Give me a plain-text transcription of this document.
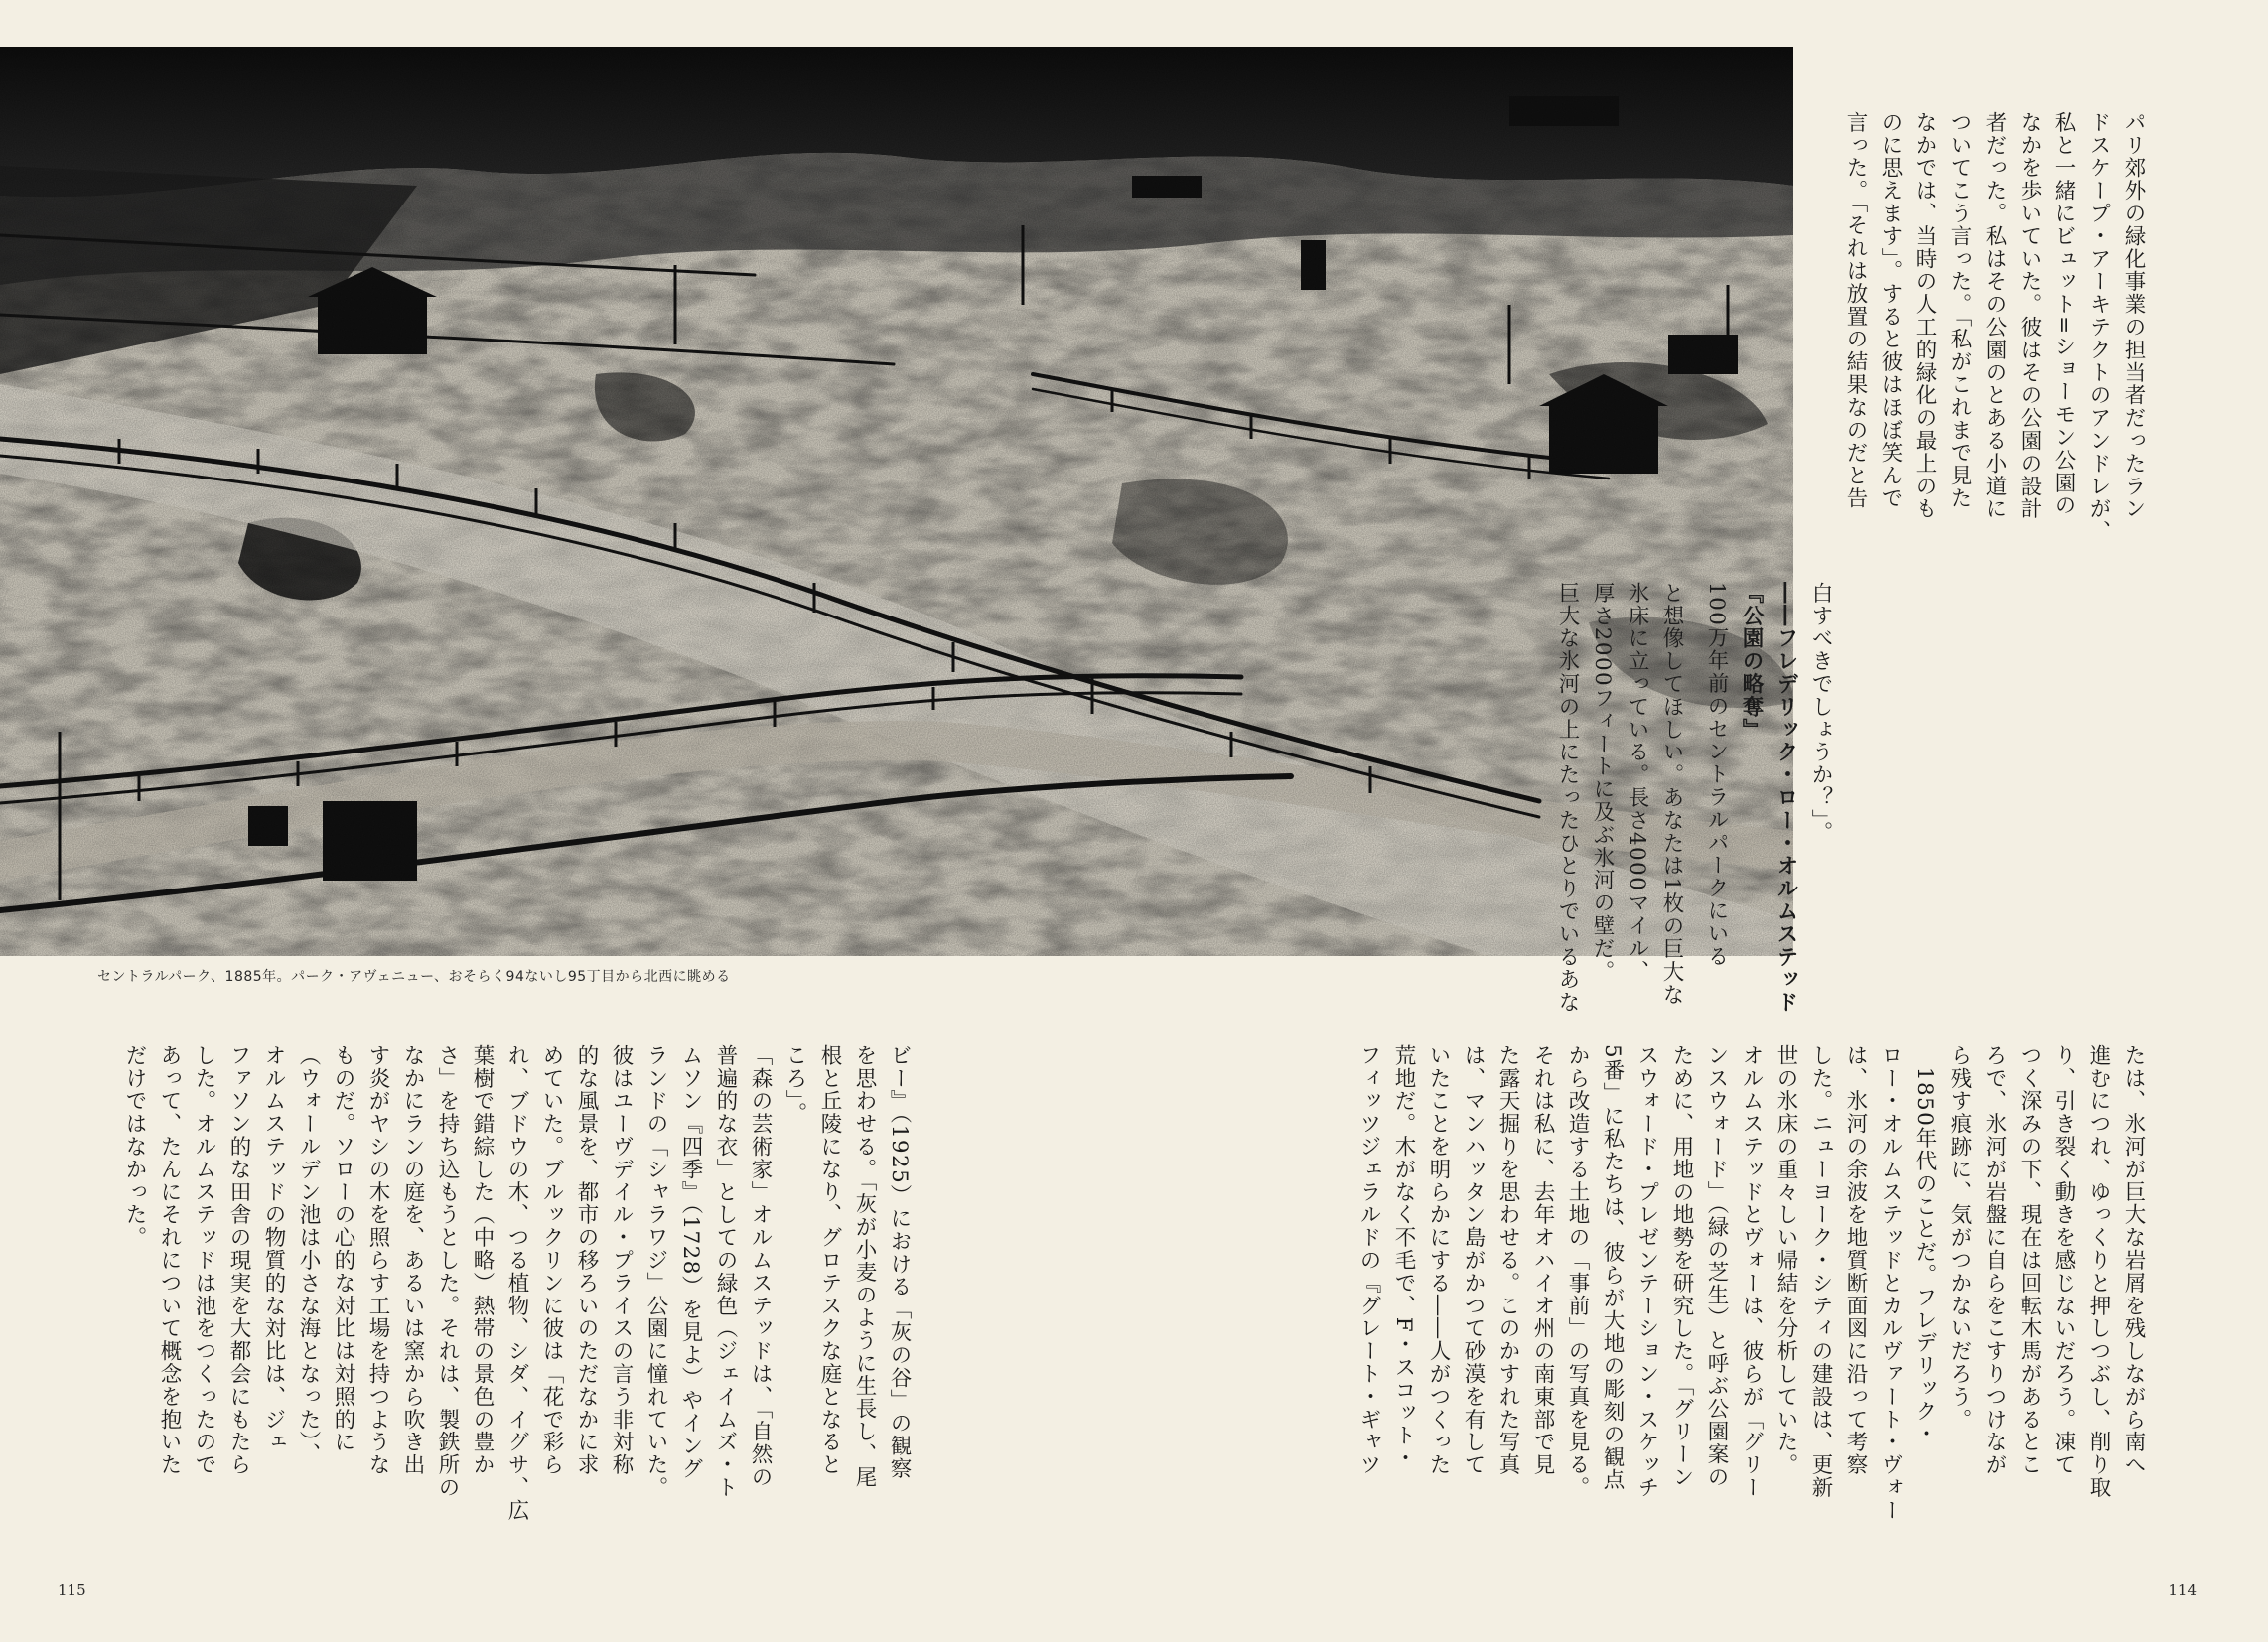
セントラルパーク、1885年。パーク・アヴェニュー、おそらく94ないし95丁目から北西に眺める

パリ郊外の緑化事業の担当者だったラン

ドスケープ・アーキテクトのアンドレが、

私と一緒にビュット=ショーモン公園の

なかを歩いていた。彼はその公園の設計

者だった。私はその公園のとある小道に

ついてこう言った。「私がこれまで見た

なかでは、当時の人工的緑化の最上のも

のに思えます」。すると彼はほぼ笑んで

言った。「それは放置の結果なのだと告

白すべきでしょうか？」。

――フレデリック・ロー・オルムステッド

『公園の略奪』

100万年前のセントラルパークにいる

と想像してほしい。あなたは1枚の巨大な

氷床に立っている。長さ4000マイル、

厚さ2000フィートに及ぶ氷河の壁だ。

巨大な氷河の上にたったひとりでいるあな

たは、氷河が巨大な岩屑を残しながら南へ

進むにつれ、ゆっくりと押しつぶし、削り取

り、引き裂く動きを感じないだろう。凍て

つく深みの下、現在は回転木馬があるとこ

ろで、氷河が岩盤に自らをこすりつけなが

ら残す痕跡に、気がつかないだろう。

　1850年代のことだ。フレデリック・

ロー・オルムステッドとカルヴァート・ヴォー

は、氷河の余波を地質断面図に沿って考察

した。ニューヨーク・シティの建設は、更新

世の氷床の重々しい帰結を分析していた。

オルムステッドとヴォーは、彼らが「グリー

ンスウォード」（緑の芝生）と呼ぶ公園案の

ために、用地の地勢を研究した。「グリーン

スウォード・プレゼンテーション・スケッチ

5番」に私たちは、彼らが大地の彫刻の観点

から改造する土地の「事前」の写真を見る。

それは私に、去年オハイオ州の南東部で見

た露天掘りを思わせる。このかすれた写真

は、マンハッタン島がかつて砂漠を有して

いたことを明らかにする――人がつくった

荒地だ。木がなく不毛で、F・スコット・

フィッツジェラルドの『グレート・ギャツ

ビー』（1925）における「灰の谷」の観察

を思わせる。「灰が小麦のように生長し、尾

根と丘陵になり、グロテスクな庭となると

ころ」。

「森の芸術家」オルムステッドは、「自然の

普遍的な衣」としての緑色（ジェイムズ・ト

ムソン『四季』（1728）を見よ）やイング

ランドの「シャラワジ」公園に憧れていた。

彼はユーヴデイル・プライスの言う非対称

的な風景を、都市の移ろいのただなかに求

めていた。ブルックリンに彼は「花で彩ら

れ、ブドウの木、つる植物、シダ、イグサ、広

葉樹で錯綜した（中略）熱帯の景色の豊か

さ」を持ち込もうとした。それは、製鉄所の

なかにランの庭を、あるいは窯から吹き出

す炎がヤシの木を照らす工場を持つような

ものだ。ソローの心的な対比は対照的に

（ウォールデン池は小さな海となった）、

オルムステッドの物質的な対比は、ジェ

ファソン的な田舎の現実を大都会にもたら

した。オルムステッドは池をつくったので

あって、たんにそれについて概念を抱いた

だけではなかった。

115	114
